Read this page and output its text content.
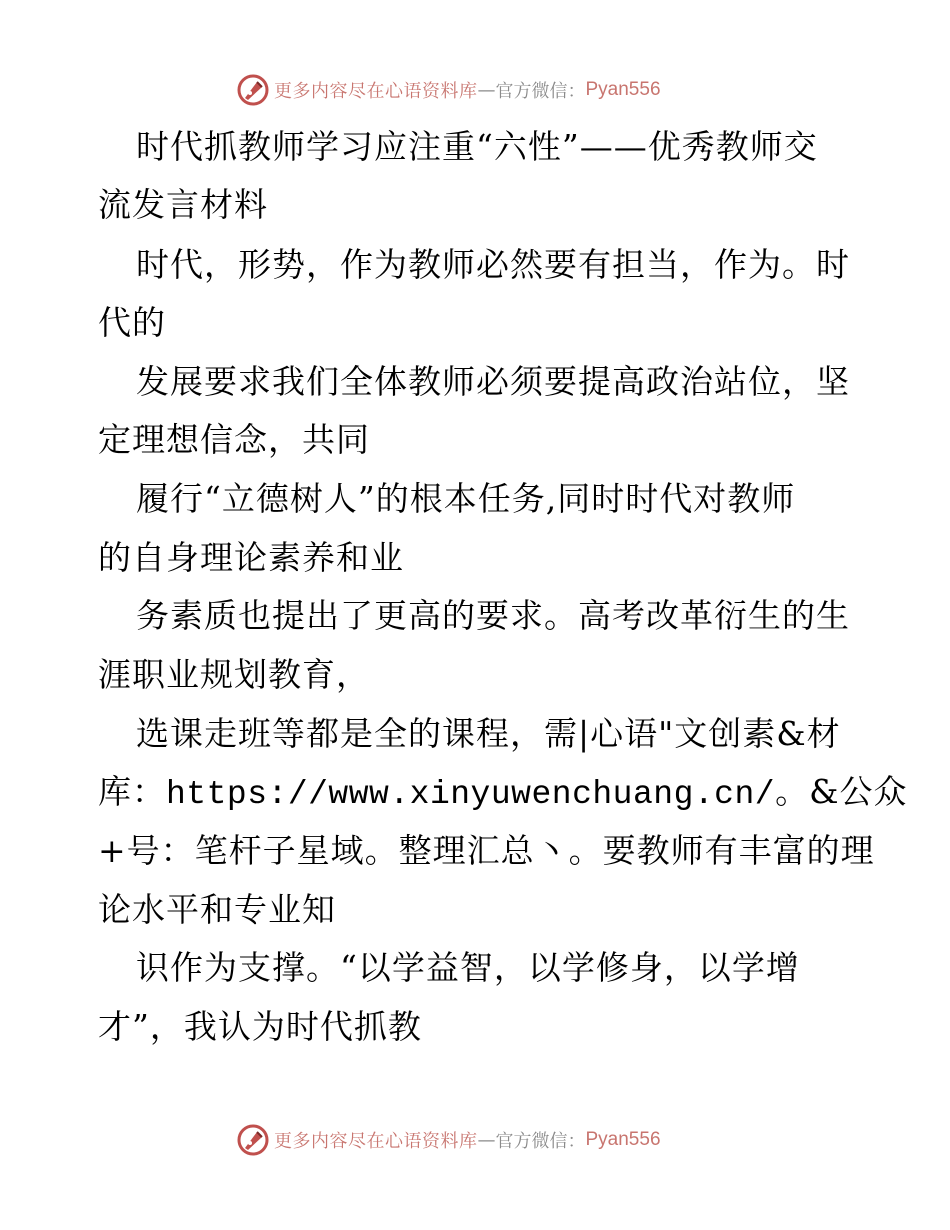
更多内容尽在心语资料库 — 官方微信： Pyan556
时代抓教师学习应注重“六性”——优秀教师交
流发言材料
时代，形势，作为教师必然要有担当，作为。时
代的
发展要求我们全体教师必须要提高政治站位，坚
定理想信念，共同
履行“立德树人”的根本任务,同时时代对教师
的自身理论素养和业
务素质也提出了更高的要求。高考改革衍生的生
涯职业规划教育，
选课走班等都是全的课程，需|心语"文创素&材
库：https://www.xinyuwenchuang.cn/。&公众
+号：笔杆子星域。整理汇总丶。要教师有丰富的理
论水平和专业知
识作为支撑。“以学益智，以学修身，以学增
才”，我认为时代抓教
更多内容尽在心语资料库 — 官方微信： Pyan556
